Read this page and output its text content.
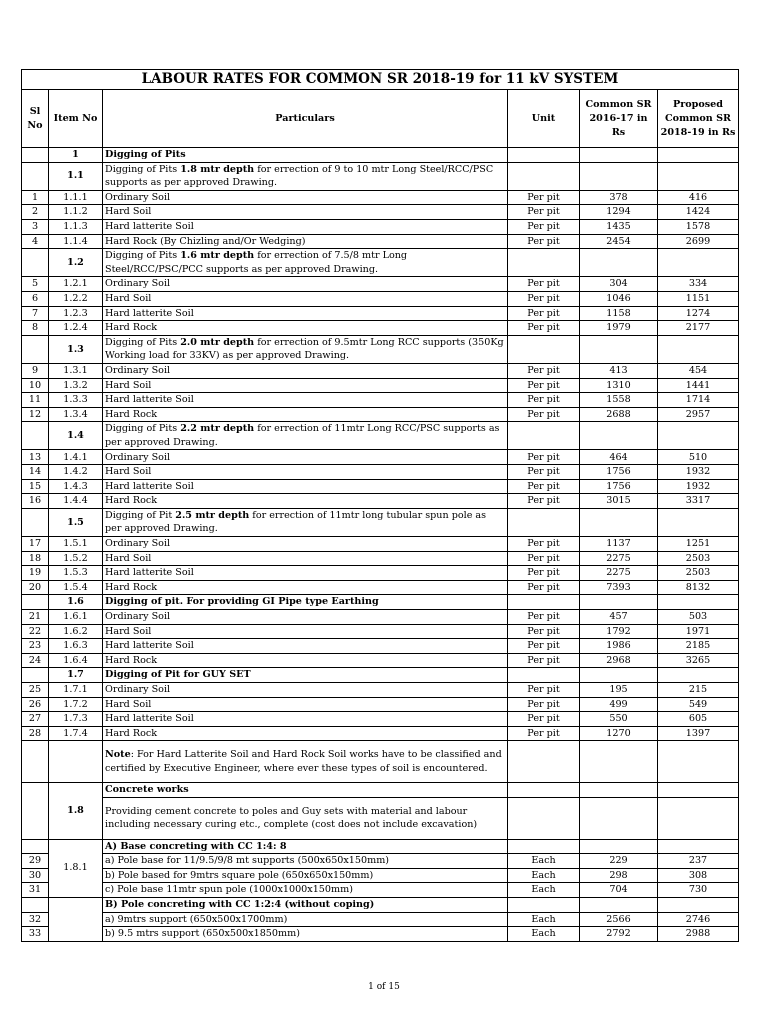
LABOUR RATES FOR COMMON SR 2018-19 for 11 kV SYSTEM					
Sl No	Item No	Particulars	Unit	Common SR 2016-17 in Rs	Proposed Common SR 2018-19 in Rs
	1	Digging of Pits			
	1.1	Digging of Pits 1.8 mtr depth for errection of 9 to 10 mtr Long Steel/RCC/PSC supports as per approved Drawing.			
1	1.1.1	Ordinary Soil	Per pit	378	416
2	1.1.2	Hard Soil	Per pit	1294	1424
3	1.1.3	Hard latterite Soil	Per pit	1435	1578
4	1.1.4	Hard Rock (By Chizling and/Or Wedging)	Per pit	2454	2699
	1.2	Digging of Pits 1.6 mtr depth for errection of 7.5/8 mtr Long Steel/RCC/PSC/PCC supports as per approved Drawing.			
5	1.2.1	Ordinary Soil	Per pit	304	334
6	1.2.2	Hard Soil	Per pit	1046	1151
7	1.2.3	Hard latterite Soil	Per pit	1158	1274
8	1.2.4	Hard Rock	Per pit	1979	2177
	1.3	Digging of Pits 2.0 mtr depth for errection of 9.5mtr Long RCC supports (350Kg Working load for 33KV) as per approved Drawing.			
9	1.3.1	Ordinary Soil	Per pit	413	454
10	1.3.2	Hard Soil	Per pit	1310	1441
11	1.3.3	Hard latterite Soil	Per pit	1558	1714
12	1.3.4	Hard Rock	Per pit	2688	2957
	1.4	Digging of Pits 2.2 mtr depth for errection of 11mtr Long RCC/PSC supports as per approved Drawing.			
13	1.4.1	Ordinary Soil	Per pit	464	510
14	1.4.2	Hard Soil	Per pit	1756	1932
15	1.4.3	Hard latterite Soil	Per pit	1756	1932
16	1.4.4	Hard Rock	Per pit	3015	3317
	1.5	Digging of Pit 2.5 mtr depth for errection of 11mtr long tubular spun pole as per approved Drawing.			
17	1.5.1	Ordinary Soil	Per pit	1137	1251
18	1.5.2	Hard Soil	Per pit	2275	2503
19	1.5.3	Hard latterite Soil	Per pit	2275	2503
20	1.5.4	Hard Rock	Per pit	7393	8132
	1.6	Digging of pit. For providing GI Pipe type Earthing			
21	1.6.1	Ordinary Soil	Per pit	457	503
22	1.6.2	Hard Soil	Per pit	1792	1971
23	1.6.3	Hard latterite Soil	Per pit	1986	2185
24	1.6.4	Hard Rock	Per pit	2968	3265
	1.7	Digging of Pit for GUY SET			
25	1.7.1	Ordinary Soil	Per pit	195	215
26	1.7.2	Hard Soil	Per pit	499	549
27	1.7.3	Hard latterite Soil	Per pit	550	605
28	1.7.4	Hard Rock	Per pit	1270	1397
		Note: For Hard Latterite Soil and Hard Rock Soil works have to be classified and certified by Executive Engineer, where ever these types of soil is encountered.			
	1.8	Concrete works			
		Providing cement concrete to poles and Guy sets with material and labour including necessary curing etc., complete (cost does not include excavation)			
	1.8.1	A) Base concreting with CC 1:4: 8			
29		a) Pole base for 11/9.5/9/8 mt supports (500x650x150mm)	Each	229	237
30		b) Pole based for 9mtrs square pole (650x650x150mm)	Each	298	308
31		c) Pole base 11mtr spun pole (1000x1000x150mm)	Each	704	730
		B) Pole concreting with CC 1:2:4 (without coping)			
32		a) 9mtrs support (650x500x1700mm)	Each	2566	2746
33		b) 9.5 mtrs support (650x500x1850mm)	Each	2792	2988
1 of 15
